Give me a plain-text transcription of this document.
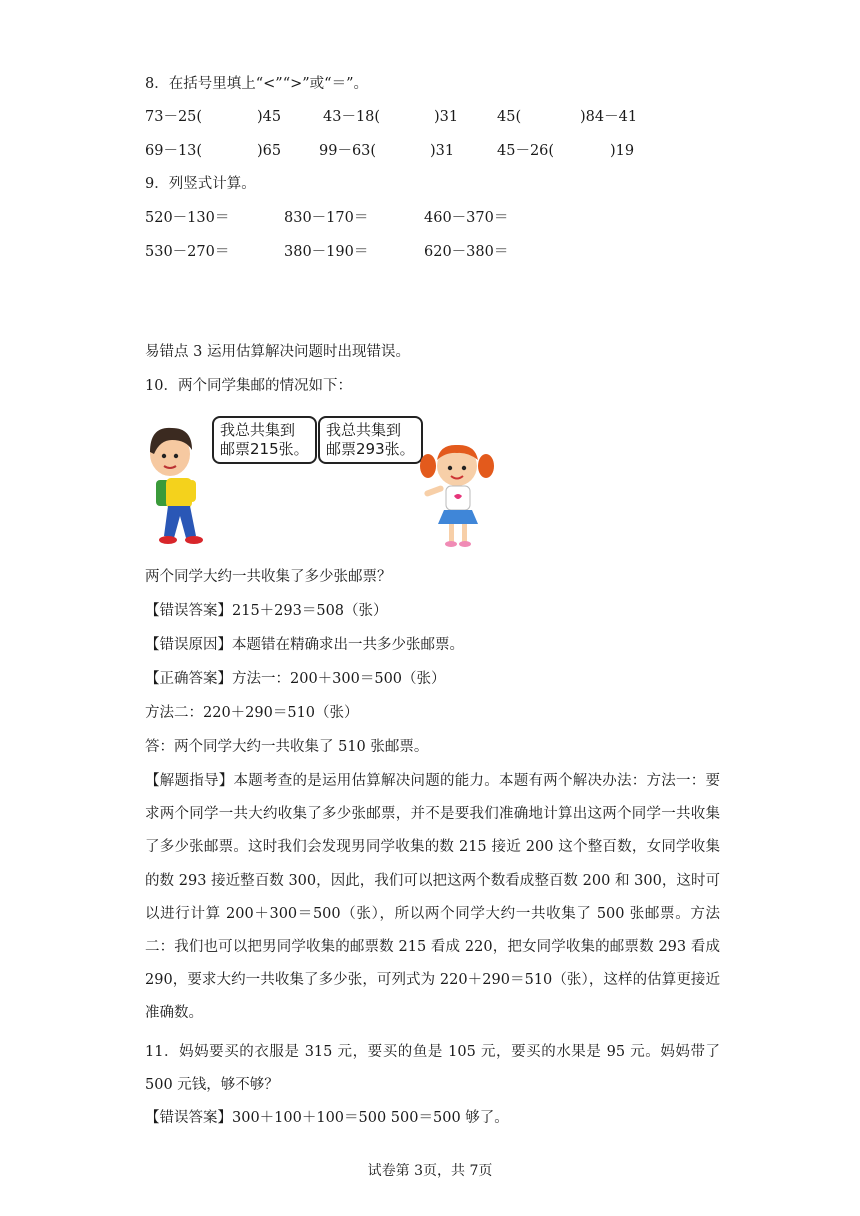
8．在括号里填上“<”“>”或“＝”。
73－25(	)45	43－18(	)31	45(	)84－41
69－13(	)65	99－63(	)31	45－26(	)19
9．列竖式计算。
520－130＝	830－170＝	460－370＝
530－270＝	380－190＝	620－380＝
易错点 3 运用估算解决问题时出现错误。
10．两个同学集邮的情况如下：
我总共集到
邮票215张。
我总共集到
邮票293张。
两个同学大约一共收集了多少张邮票？
【错误答案】215＋293＝508（张）
【错误原因】本题错在精确求出一共多少张邮票。
【正确答案】方法一：200＋300＝500（张）
方法二：220＋290＝510（张）
答：两个同学大约一共收集了 510 张邮票。
【解题指导】本题考查的是运用估算解决问题的能力。本题有两个解决办法：方法一：要求两个同学一共大约收集了多少张邮票，并不是要我们准确地计算出这两个同学一共收集了多少张邮票。这时我们会发现男同学收集的数 215 接近 200 这个整百数，女同学收集的数 293 接近整百数 300，因此，我们可以把这两个数看成整百数 200 和 300，这时可以进行计算 200＋300＝500（张），所以两个同学大约一共收集了 500 张邮票。方法二：我们也可以把男同学收集的邮票数 215 看成 220，把女同学收集的邮票数 293 看成 290，要求大约一共收集了多少张，可列式为 220＋290＝510（张），这样的估算更接近准确数。
11．妈妈要买的衣服是 315 元，要买的鱼是 105 元，要买的水果是 95 元。妈妈带了 500 元钱，够不够？
【错误答案】300＋100＋100＝500 500＝500 够了。
试卷第 3页，共 7页
